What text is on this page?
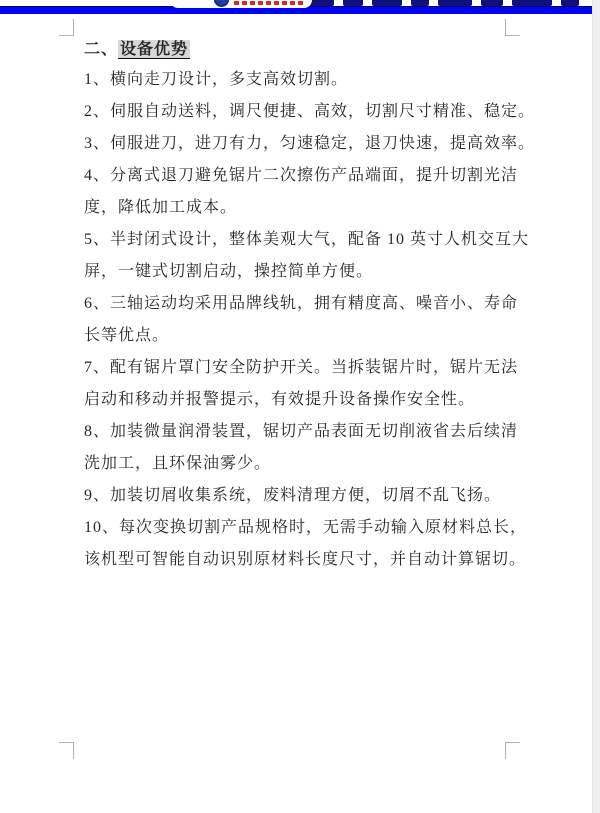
二、 设备优势
1、横向走刀设计，多支高效切割。
2、伺服自动送料，调尺便捷、高效，切割尺寸精准、稳定。
3、伺服进刀，进刀有力，匀速稳定，退刀快速，提高效率。
4、分离式退刀避免锯片二次擦伤产品端面，提升切割光洁
度，降低加工成本。
5、半封闭式设计，整体美观大气，配备 10 英寸人机交互大
屏，一键式切割启动，操控简单方便。
6、三轴运动均采用品牌线轨，拥有精度高、噪音小、寿命
长等优点。
7、配有锯片罩门安全防护开关。当拆装锯片时，锯片无法
启动和移动并报警提示，有效提升设备操作安全性。
8、加装微量润滑装置，锯切产品表面无切削液省去后续清
洗加工，且环保油雾少。
9、加装切屑收集系统，废料清理方便，切屑不乱飞扬。
10、每次变换切割产品规格时，无需手动输入原材料总长，
该机型可智能自动识别原材料长度尺寸，并自动计算锯切。
